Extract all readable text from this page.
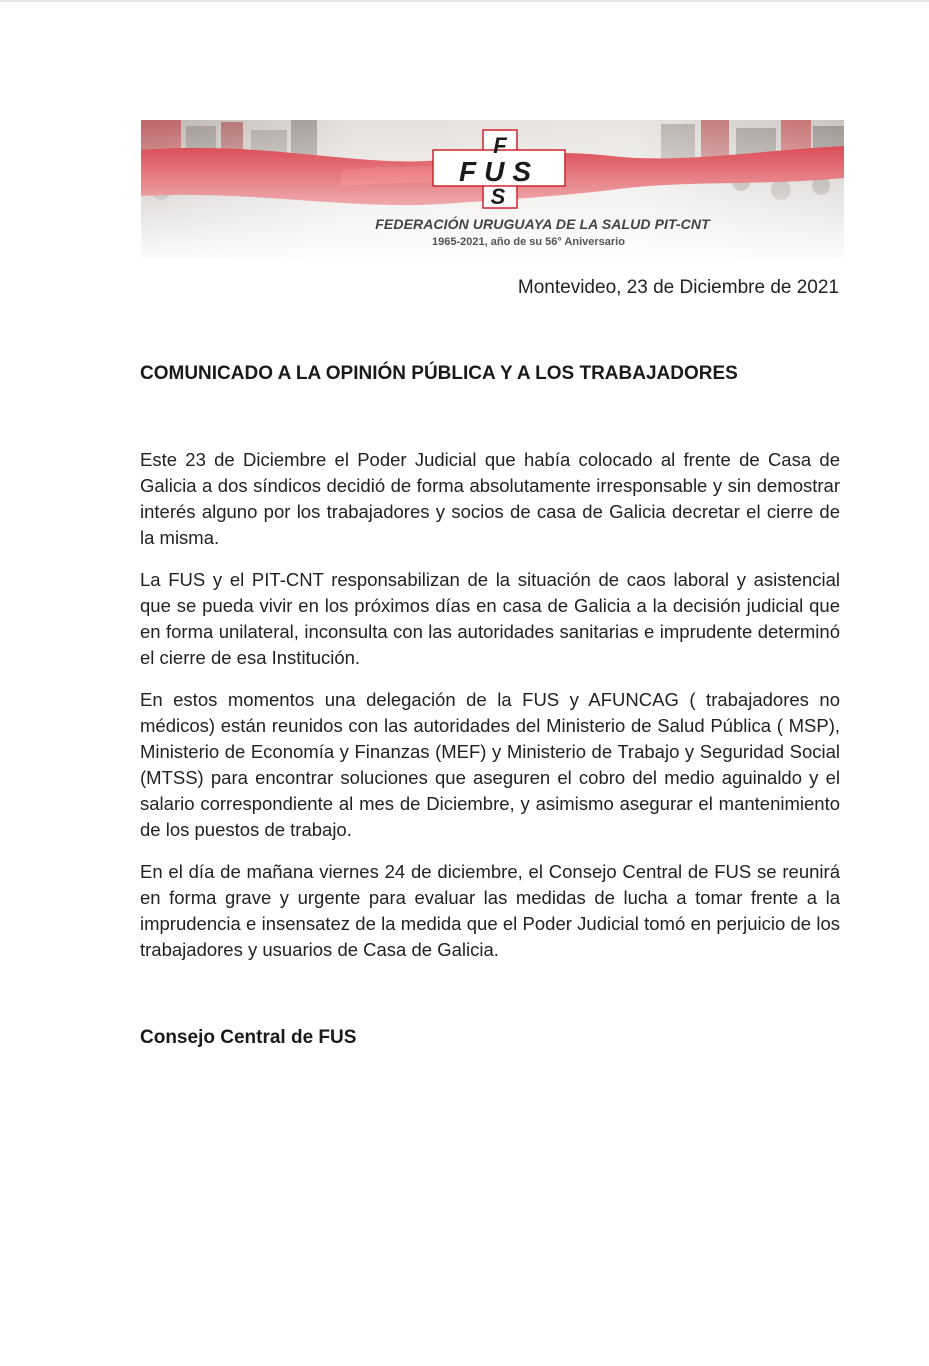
F
FUS
S
FEDERACIÓN URUGUAYA DE LA SALUD PIT-CNT
1965-2021, año de su 56° Aniversario
Montevideo, 23 de Diciembre de 2021
COMUNICADO A LA OPINIÓN PÚBLICA Y A LOS TRABAJADORES

Este 23 de Diciembre el Poder Judicial que había colocado al frente de Casa de Galicia a dos síndicos decidió de forma absolutamente irresponsable y sin demostrar interés alguno por los trabajadores y socios de casa de Galicia decretar el cierre de la misma.

La FUS y el PIT-CNT responsabilizan de la situación de caos laboral y asistencial que se pueda vivir en los próximos días en casa de Galicia a la decisión judicial que en forma unilateral, inconsulta con las autoridades sanitarias e imprudente determinó el cierre de esa Institución.

En estos momentos una delegación de la FUS y AFUNCAG ( trabajadores no médicos) están reunidos con las autoridades del Ministerio de Salud Pública ( MSP), Ministerio de Economía y Finanzas (MEF) y Ministerio de Trabajo y Seguridad Social (MTSS) para encontrar soluciones que aseguren el cobro del medio aguinaldo y el salario correspondiente al mes de Diciembre, y asimismo asegurar el mantenimiento de los puestos de trabajo.

En el día de mañana viernes 24 de diciembre, el Consejo Central de FUS se reunirá en forma grave y urgente para evaluar las medidas de lucha a tomar frente a la imprudencia e insensatez de la medida que el Poder Judicial tomó en perjuicio de los trabajadores y usuarios de Casa de Galicia.

Consejo Central de FUS
